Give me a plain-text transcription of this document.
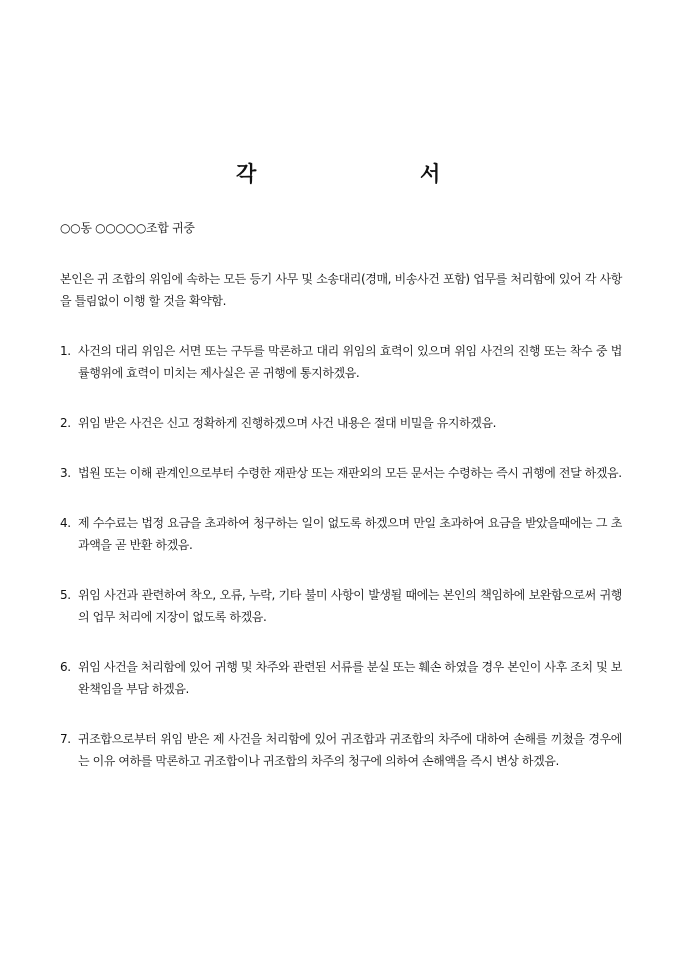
각	서
○○동 ○○○○○조합 귀중
본인은 귀 조합의 위임에 속하는 모든 등기 사무 및 소송대리(경매, 비송사건 포함) 업무를 처리함에 있어 각 사항을 틀림없이 이행 할 것을 확약함.
1. 사건의 대리 위임은 서면 또는 구두를 막론하고 대리 위임의 효력이 있으며 위임 사건의 진행 또는 착수 중 법률행위에 효력이 미치는 제사실은 곧 귀행에 통지하겠음.
2. 위임 받은 사건은 신고 정확하게 진행하겠으며 사건 내용은 절대 비밀을 유지하겠음.
3. 법원 또는 이해 관계인으로부터 수령한 재판상 또는 재판외의 모든 문서는 수령하는 즉시 귀행에 전달 하겠음.
4. 제 수수료는 법정 요금을 초과하여 청구하는 일이 없도록 하겠으며 만일 초과하여 요금을 받았을때에는 그 초과액을 곧 반환 하겠음.
5. 위임 사건과 관련하여 착오, 오류, 누락, 기타 불미 사항이 발생될 때에는 본인의 책임하에 보완함으로써 귀행의 업무 처리에 지장이 없도록 하겠음.
6. 위임 사건을 처리함에 있어 귀행 및 차주와 관련된 서류를 분실 또는 훼손 하였을 경우 본인이 사후 조치 및 보완책임을 부담 하겠음.
7. 귀조합으로부터 위임 받은 제 사건을 처리함에 있어 귀조합과 귀조합의 차주에 대하여 손해를 끼쳤을 경우에는 이유 여하를 막론하고 귀조합이나 귀조합의 차주의 청구에 의하여 손해액을 즉시 변상 하겠음.
